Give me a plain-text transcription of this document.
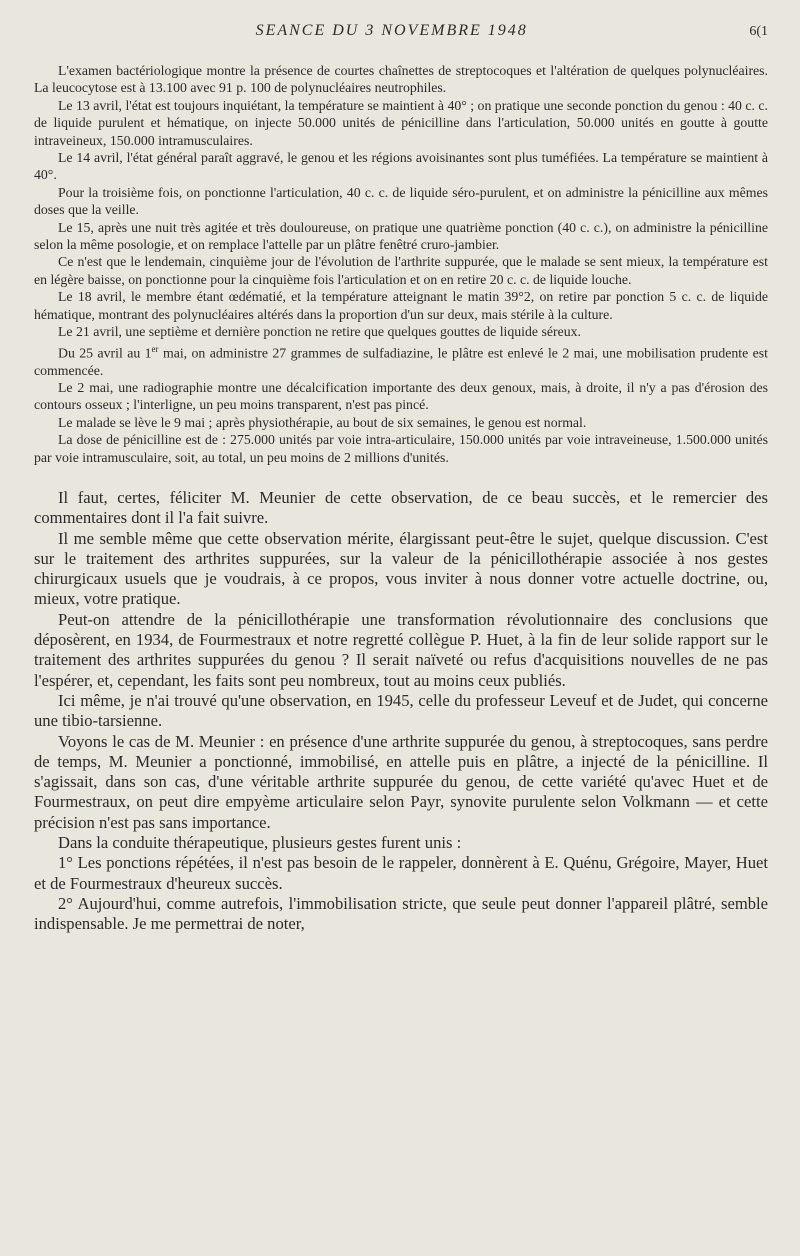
SEANCE DU 3 NOVEMBRE 1948	6(1

L'examen bactériologique montre la présence de courtes chaînettes de streptocoques et l'altération de quelques polynucléaires. La leucocytose est à 13.100 avec 91 p. 100 de polynucléaires neutrophiles.

Le 13 avril, l'état est toujours inquiétant, la température se maintient à 40° ; on pratique une seconde ponction du genou : 40 c. c. de liquide purulent et hématique, on injecte 50.000 unités de pénicilline dans l'articulation, 50.000 unités en goutte à goutte intraveineux, 150.000 intramusculaires.

Le 14 avril, l'état général paraît aggravé, le genou et les régions avoisinantes sont plus tuméfiées. La température se maintient à 40°.

Pour la troisième fois, on ponctionne l'articulation, 40 c. c. de liquide séro-purulent, et on administre la pénicilline aux mêmes doses que la veille.

Le 15, après une nuit très agitée et très douloureuse, on pratique une quatrième ponction (40 c. c.), on administre la pénicilline selon la même posologie, et on remplace l'attelle par un plâtre fenêtré cruro-jambier.

Ce n'est que le lendemain, cinquième jour de l'évolution de l'arthrite suppurée, que le malade se sent mieux, la température est en légère baisse, on ponctionne pour la cinquième fois l'articulation et on en retire 20 c. c. de liquide louche.

Le 18 avril, le membre étant œdématié, et la température atteignant le matin 39°2, on retire par ponction 5 c. c. de liquide hématique, montrant des polynucléaires altérés dans la proportion d'un sur deux, mais stérile à la culture.

Le 21 avril, une septième et dernière ponction ne retire que quelques gouttes de liquide séreux.

Du 25 avril au 1er mai, on administre 27 grammes de sulfadiazine, le plâtre est enlevé le 2 mai, une mobilisation prudente est commencée.

Le 2 mai, une radiographie montre une décalcification importante des deux genoux, mais, à droite, il n'y a pas d'érosion des contours osseux ; l'interligne, un peu moins transparent, n'est pas pincé.

Le malade se lève le 9 mai ; après physiothérapie, au bout de six semaines, le genou est normal.

La dose de pénicilline est de : 275.000 unités par voie intra-articulaire, 150.000 unités par voie intraveineuse, 1.500.000 unités par voie intramusculaire, soit, au total, un peu moins de 2 millions d'unités.

Il faut, certes, féliciter M. Meunier de cette observation, de ce beau succès, et le remercier des commentaires dont il l'a fait suivre.

Il me semble même que cette observation mérite, élargissant peut-être le sujet, quelque discussion. C'est sur le traitement des arthrites suppurées, sur la valeur de la pénicillothérapie associée à nos gestes chirurgicaux usuels que je voudrais, à ce propos, vous inviter à nous donner votre actuelle doctrine, ou, mieux, votre pratique.

Peut-on attendre de la pénicillothérapie une transformation révolutionnaire des conclusions que déposèrent, en 1934, de Fourmestraux et notre regretté collègue P. Huet, à la fin de leur solide rapport sur le traitement des arthrites suppurées du genou ? Il serait naïveté ou refus d'acquisitions nouvelles de ne pas l'espérer, et, cependant, les faits sont peu nombreux, tout au moins ceux publiés.

Ici même, je n'ai trouvé qu'une observation, en 1945, celle du professeur Leveuf et de Judet, qui concerne une tibio-tarsienne.

Voyons le cas de M. Meunier : en présence d'une arthrite suppurée du genou, à streptocoques, sans perdre de temps, M. Meunier a ponctionné, immobilisé, en attelle puis en plâtre, a injecté de la pénicilline. Il s'agissait, dans son cas, d'une véritable arthrite suppurée du genou, de cette variété qu'avec Huet et de Fourmestraux, on peut dire empyème articulaire selon Payr, synovite purulente selon Volkmann — et cette précision n'est pas sans importance.

Dans la conduite thérapeutique, plusieurs gestes furent unis :

1° Les ponctions répétées, il n'est pas besoin de le rappeler, donnèrent à E. Quénu, Grégoire, Mayer, Huet et de Fourmestraux d'heureux succès.

2° Aujourd'hui, comme autrefois, l'immobilisation stricte, que seule peut donner l'appareil plâtré, semble indispensable. Je me permettrai de noter,
